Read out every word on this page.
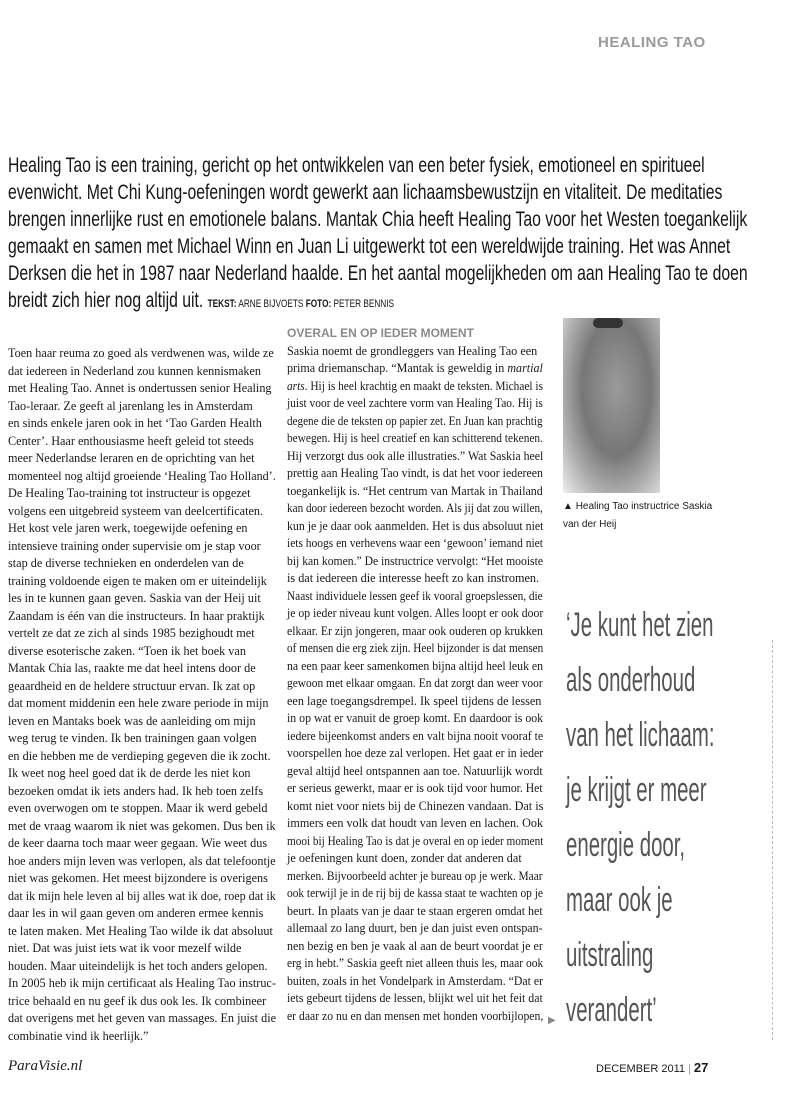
HEALING TAO
Healing Tao is een training, gericht op het ontwikkelen van een beter fysiek, emotioneel en spiritueel
evenwicht. Met Chi Kung-oefeningen wordt gewerkt aan lichaamsbewustzijn en vitaliteit. De meditaties
brengen innerlijke rust en emotionele balans. Mantak Chia heeft Healing Tao voor het Westen toegankelijk
gemaakt en samen met Michael Winn en Juan Li uitgewerkt tot een wereldwijde training. Het was Annet
Derksen die het in 1987 naar Nederland haalde. En het aantal mogelijkheden om aan Healing Tao te doen
breidt zich hier nog altijd uit. TEKST: ARNE BIJVOETS FOTO: PETER BENNIS
Toen haar reuma zo goed als verdwenen was, wilde ze
dat iedereen in Nederland zou kunnen kennismaken
met Healing Tao. Annet is ondertussen senior Healing
Tao-leraar. Ze geeft al jarenlang les in Amsterdam
en sinds enkele jaren ook in het ‘Tao Garden Health
Center’. Haar enthousiasme heeft geleid tot steeds
meer Nederlandse leraren en de oprichting van het
momenteel nog altijd groeiende ‘Healing Tao Holland’.
De Healing Tao-training tot instructeur is opgezet
volgens een uitgebreid systeem van deelcertificaten.
Het kost vele jaren werk, toegewijde oefening en
intensieve training onder supervisie om je stap voor
stap de diverse technieken en onderdelen van de
training voldoende eigen te maken om er uiteindelijk
les in te kunnen gaan geven. Saskia van der Heij uit
Zaandam is één van die instructeurs. In haar praktijk
vertelt ze dat ze zich al sinds 1985 bezighoudt met
diverse esoterische zaken. “Toen ik het boek van
Mantak Chia las, raakte me dat heel intens door de
geaardheid en de heldere structuur ervan. Ik zat op
dat moment middenin een hele zware periode in mijn
leven en Mantaks boek was de aanleiding om mijn
weg terug te vinden. Ik ben trainingen gaan volgen
en die hebben me de verdieping gegeven die ik zocht.
Ik weet nog heel goed dat ik de derde les niet kon
bezoeken omdat ik iets anders had. Ik heb toen zelfs
even overwogen om te stoppen. Maar ik werd gebeld
met de vraag waarom ik niet was gekomen. Dus ben ik
de keer daarna toch maar weer gegaan. Wie weet dus
hoe anders mijn leven was verlopen, als dat telefoontje
niet was gekomen. Het meest bijzondere is overigens
dat ik mijn hele leven al bij alles wat ik doe, roep dat ik
daar les in wil gaan geven om anderen ermee kennis
te laten maken. Met Healing Tao wilde ik dat absoluut
niet. Dat was juist iets wat ik voor mezelf wilde
houden. Maar uiteindelijk is het toch anders gelopen.
In 2005 heb ik mijn certificaat als Healing Tao instruc-
trice behaald en nu geef ik dus ook les. Ik combineer
dat overigens met het geven van massages. En juist die
combinatie vind ik heerlijk.”
OVERAL EN OP IEDER MOMENT
Saskia noemt de grondleggers van Healing Tao een
prima driemanschap. “Mantak is geweldig in martial
arts. Hij is heel krachtig en maakt de teksten. Michael is
juist voor de veel zachtere vorm van Healing Tao. Hij is
degene die de teksten op papier zet. En Juan kan prachtig
bewegen. Hij is heel creatief en kan schitterend tekenen.
Hij verzorgt dus ook alle illustraties.” Wat Saskia heel
prettig aan Healing Tao vindt, is dat het voor iedereen
toegankelijk is. “Het centrum van Martak in Thailand
kan door iedereen bezocht worden. Als jij dat zou willen,
kun je je daar ook aanmelden. Het is dus absoluut niet
iets hoogs en verhevens waar een ‘gewoon’ iemand niet
bij kan komen.” De instructrice vervolgt: “Het mooiste
is dat iedereen die interesse heeft zo kan instromen.
Naast individuele lessen geef ik vooral groepslessen, die
je op ieder niveau kunt volgen. Alles loopt er ook door
elkaar. Er zijn jongeren, maar ook ouderen op krukken
of mensen die erg ziek zijn. Heel bijzonder is dat mensen
na een paar keer samenkomen bijna altijd heel leuk en
gewoon met elkaar omgaan. En dat zorgt dan weer voor
een lage toegangsdrempel. Ik speel tijdens de lessen
in op wat er vanuit de groep komt. En daardoor is ook
iedere bijeenkomst anders en valt bijna nooit vooraf te
voorspellen hoe deze zal verlopen. Het gaat er in ieder
geval altijd heel ontspannen aan toe. Natuurlijk wordt
er serieus gewerkt, maar er is ook tijd voor humor. Het
komt niet voor niets bij de Chinezen vandaan. Dat is
immers een volk dat houdt van leven en lachen. Ook
mooi bij Healing Tao is dat je overal en op ieder moment
je oefeningen kunt doen, zonder dat anderen dat
merken. Bijvoorbeeld achter je bureau op je werk. Maar
ook terwijl je in de rij bij de kassa staat te wachten op je
beurt. In plaats van je daar te staan ergeren omdat het
allemaal zo lang duurt, ben je dan juist even ontspan-
nen bezig en ben je vaak al aan de beurt voordat je er
erg in hebt.” Saskia geeft niet alleen thuis les, maar ook
buiten, zoals in het Vondelpark in Amsterdam. “Dat er
iets gebeurt tijdens de lessen, blijkt wel uit het feit dat
er daar zo nu en dan mensen met honden voorbijlopen, ▶
▲ Healing Tao instructrice Saskia
van der Heij
‘Je kunt het zien
als onderhoud
van het lichaam:
je krijgt er meer
energie door,
maar ook je
uitstraling
verandert’
ParaVisie.nl	DECEMBER 2011 | 27
